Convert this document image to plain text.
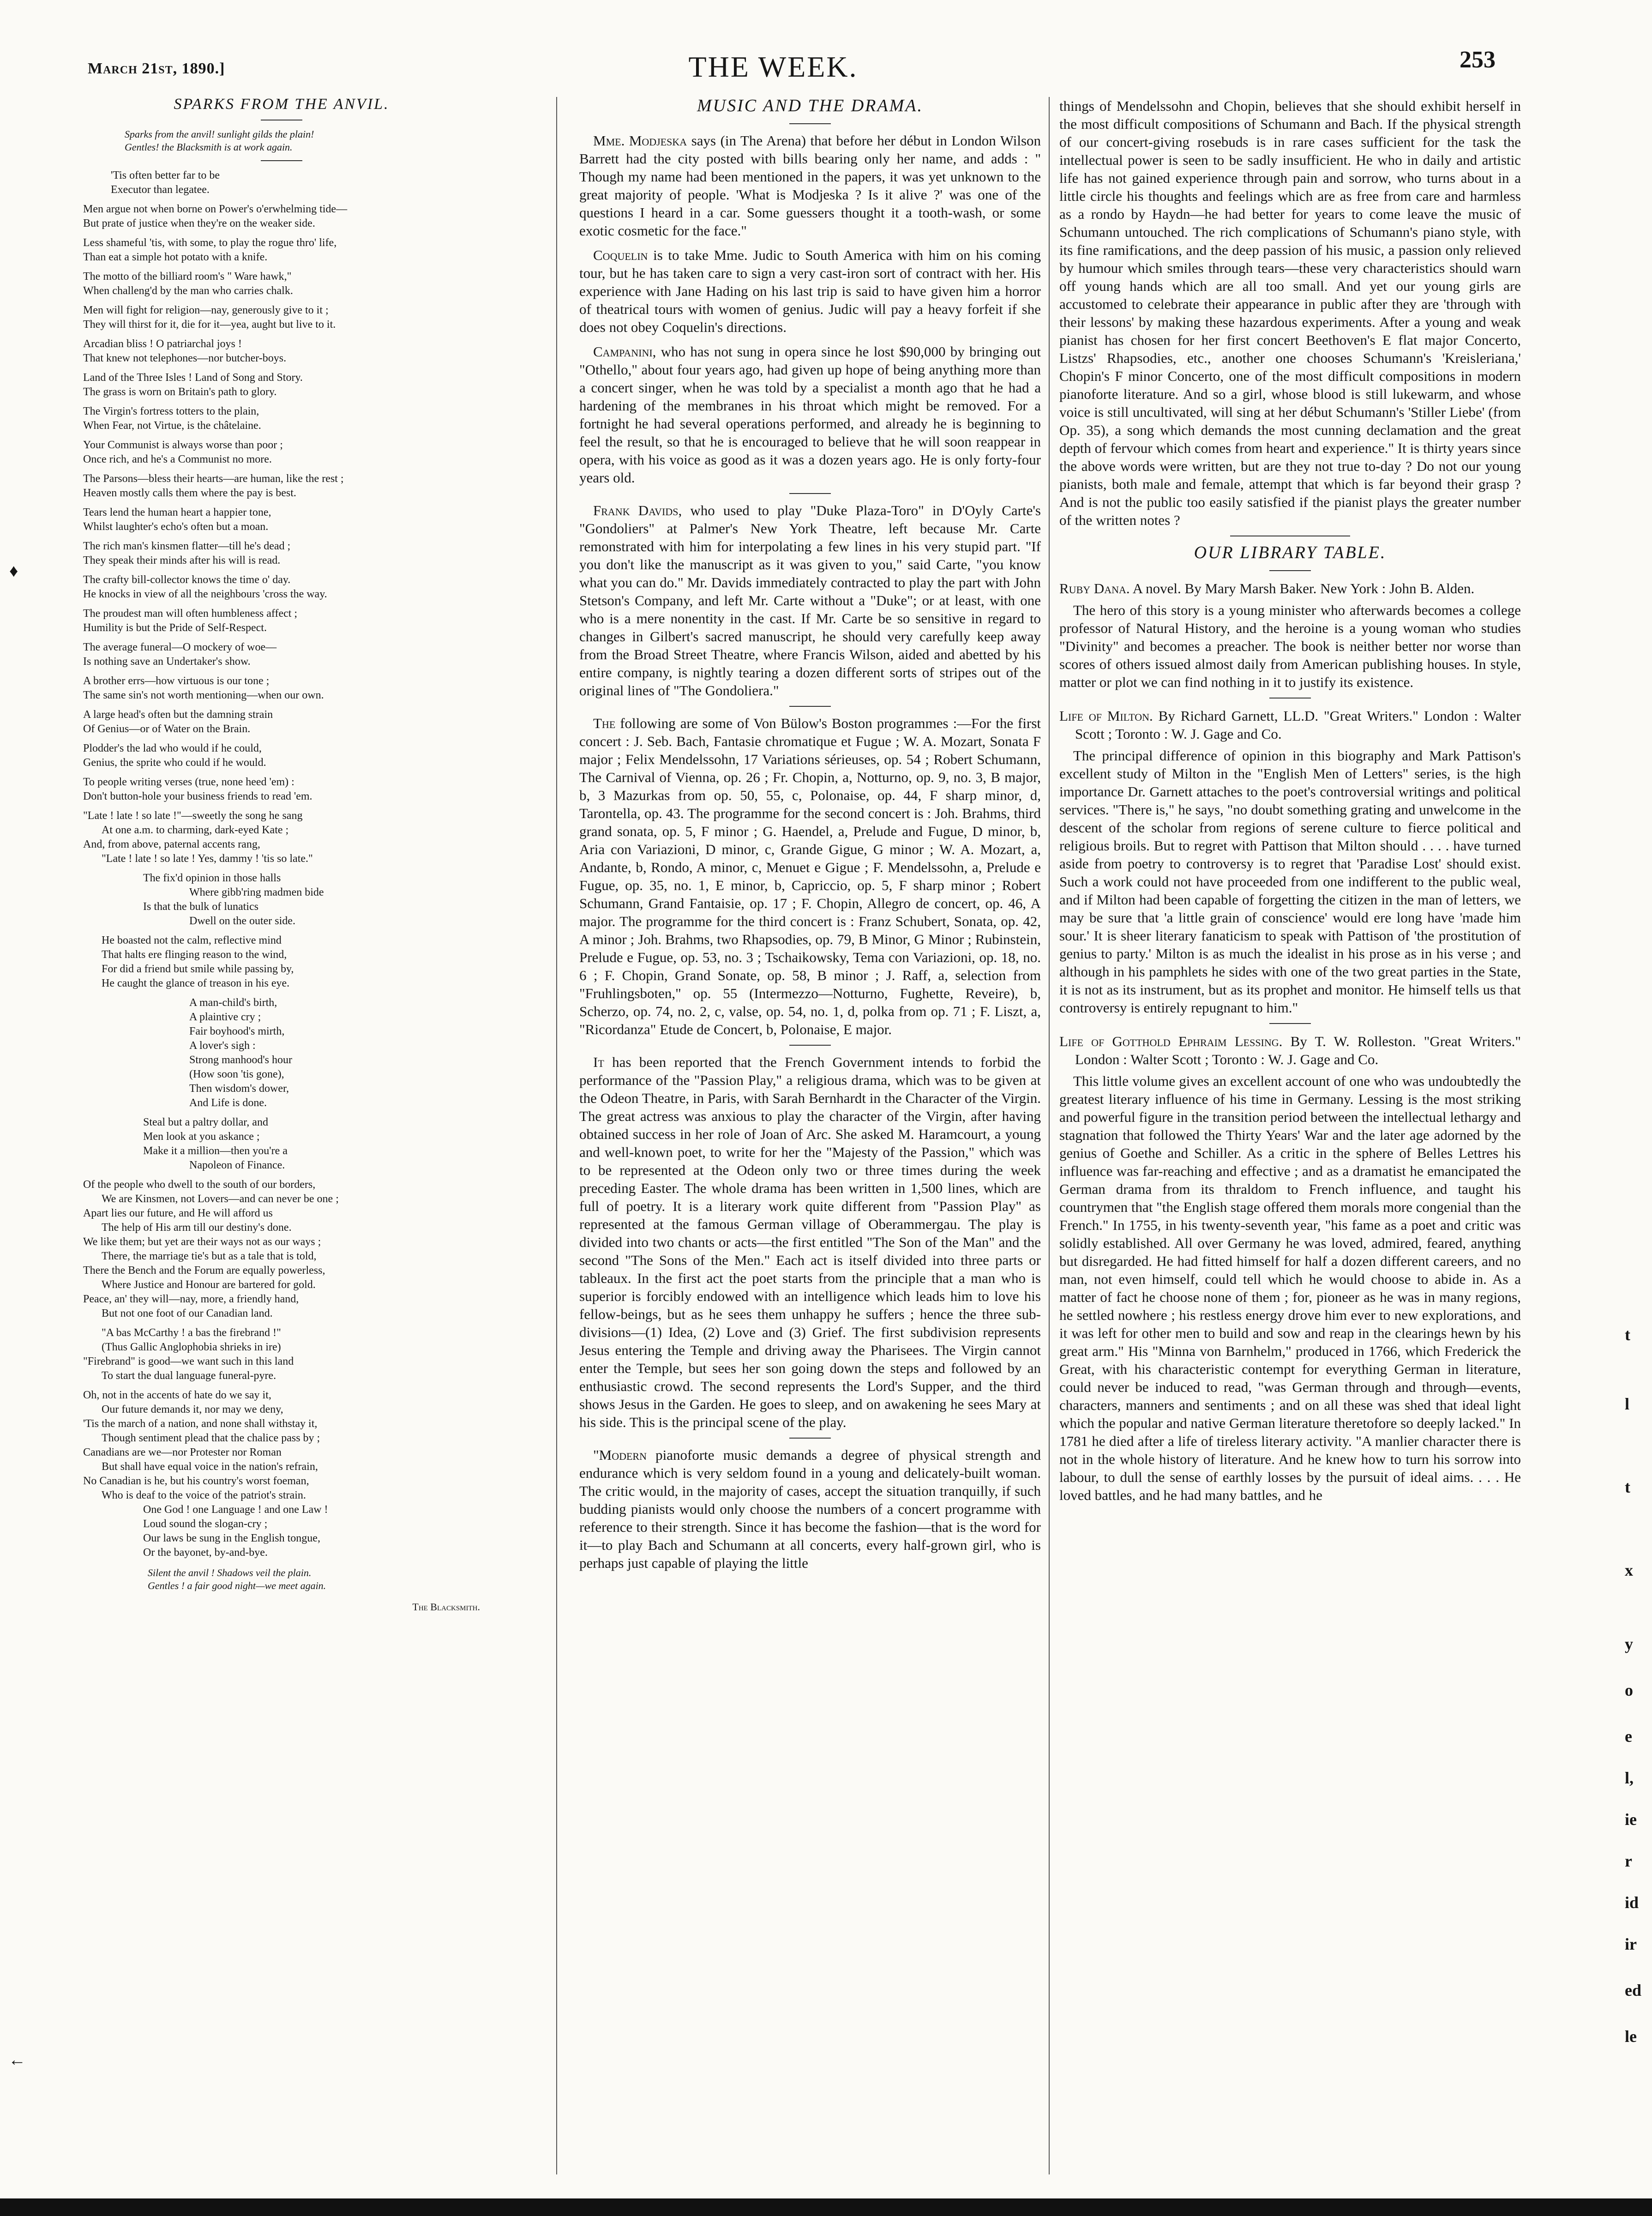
March 21st, 1890.]	THE WEEK.	253
♦
←
SPARKS FROM THE ANVIL.
Sparks from the anvil! sunlight gilds the plain!
Gentles! the Blacksmith is at work again.
'Tis often better far to be
Executor than legatee.
Men argue not when borne on Power's o'erwhelming tide—
But prate of justice when they're on the weaker side.
Less shameful 'tis, with some, to play the rogue thro' life,
Than eat a simple hot potato with a knife.
The motto of the billiard room's " Ware hawk,"
When challeng'd by the man who carries chalk.
Men will fight for religion—nay, generously give to it ;
They will thirst for it, die for it—yea, aught but live to it.
Arcadian bliss ! O patriarchal joys !
That knew not telephones—nor butcher-boys.
Land of the Three Isles ! Land of Song and Story.
The grass is worn on Britain's path to glory.
The Virgin's fortress totters to the plain,
When Fear, not Virtue, is the châtelaine.
Your Communist is always worse than poor ;
Once rich, and he's a Communist no more.
The Parsons—bless their hearts—are human, like the rest ;
Heaven mostly calls them where the pay is best.
Tears lend the human heart a happier tone,
Whilst laughter's echo's often but a moan.
The rich man's kinsmen flatter—till he's dead ;
They speak their minds after his will is read.
The crafty bill-collector knows the time o' day.
He knocks in view of all the neighbours 'cross the way.
The proudest man will often humbleness affect ;
Humility is but the Pride of Self-Respect.
The average funeral—O mockery of woe—
Is nothing save an Undertaker's show.
A brother errs—how virtuous is our tone ;
The same sin's not worth mentioning—when our own.
A large head's often but the damning strain
Of Genius—or of Water on the Brain.
Plodder's the lad who would if he could,
Genius, the sprite who could if he would.
To people writing verses (true, none heed 'em) :
Don't button-hole your business friends to read 'em.
"Late ! late ! so late !"—sweetly the song he sang
At one a.m. to charming, dark-eyed Kate ;
And, from above, paternal accents rang,
"Late ! late ! so late ! Yes, dammy ! 'tis so late."
The fix'd opinion in those halls
Where gibb'ring madmen bide
Is that the bulk of lunatics
Dwell on the outer side.
He boasted not the calm, reflective mind
That halts ere flinging reason to the wind,
For did a friend but smile while passing by,
He caught the glance of treason in his eye.
A man-child's birth,
A plaintive cry ;
Fair boyhood's mirth,
A lover's sigh :
Strong manhood's hour
(How soon 'tis gone),
Then wisdom's dower,
And Life is done.
Steal but a paltry dollar, and
Men look at you askance ;
Make it a million—then you're a
Napoleon of Finance.
Of the people who dwell to the south of our borders,
We are Kinsmen, not Lovers—and can never be one ;
Apart lies our future, and He will afford us
The help of His arm till our destiny's done.
We like them; but yet are their ways not as our ways ;
There, the marriage tie's but as a tale that is told,
There the Bench and the Forum are equally powerless,
Where Justice and Honour are bartered for gold.
Peace, an' they will—nay, more, a friendly hand,
But not one foot of our Canadian land.
"A bas McCarthy ! a bas the firebrand !"
(Thus Gallic Anglophobia shrieks in ire)
"Firebrand" is good—we want such in this land
To start the dual language funeral-pyre.
Oh, not in the accents of hate do we say it,
Our future demands it, nor may we deny,
'Tis the march of a nation, and none shall withstay it,
Though sentiment plead that the chalice pass by ;
Canadians are we—nor Protester nor Roman
But shall have equal voice in the nation's refrain,
No Canadian is he, but his country's worst foeman,
Who is deaf to the voice of the patriot's strain.
One God ! one Language ! and one Law !
Loud sound the slogan-cry ;
Our laws be sung in the English tongue,
Or the bayonet, by-and-bye.
Silent the anvil ! Shadows veil the plain.
Gentles ! a fair good night—we meet again.
The Blacksmith.
MUSIC AND THE DRAMA.

Mme. Modjeska says (in The Arena) that before her début in London Wilson Barrett had the city posted with bills bearing only her name, and adds : " Though my name had been mentioned in the papers, it was yet unknown to the great majority of people. 'What is Modjeska ? Is it alive ?' was one of the questions I heard in a car. Some guessers thought it a tooth-wash, or some exotic cosmetic for the face."

Coquelin is to take Mme. Judic to South America with him on his coming tour, but he has taken care to sign a very cast-iron sort of contract with her. His experience with Jane Hading on his last trip is said to have given him a horror of theatrical tours with women of genius. Judic will pay a heavy forfeit if she does not obey Coquelin's directions.

Campanini, who has not sung in opera since he lost $90,000 by bringing out "Othello," about four years ago, had given up hope of being anything more than a concert singer, when he was told by a specialist a month ago that he had a hardening of the membranes in his throat which might be removed. For a fortnight he had several operations performed, and already he is beginning to feel the result, so that he is encouraged to believe that he will soon reappear in opera, with his voice as good as it was a dozen years ago. He is only forty-four years old.

Frank Davids, who used to play "Duke Plaza-Toro" in D'Oyly Carte's "Gondoliers" at Palmer's New York Theatre, left because Mr. Carte remonstrated with him for interpolating a few lines in his very stupid part. "If you don't like the manuscript as it was given to you," said Carte, "you know what you can do." Mr. Davids immediately contracted to play the part with John Stetson's Company, and left Mr. Carte without a "Duke"; or at least, with one who is a mere nonentity in the cast. If Mr. Carte be so sensitive in regard to changes in Gilbert's sacred manuscript, he should very carefully keep away from the Broad Street Theatre, where Francis Wilson, aided and abetted by his entire company, is nightly tearing a dozen different sorts of stripes out of the original lines of "The Gondoliera."

The following are some of Von Bülow's Boston programmes :—For the first concert : J. Seb. Bach, Fantasie chromatique et Fugue ; W. A. Mozart, Sonata F major ; Felix Mendelssohn, 17 Variations sérieuses, op. 54 ; Robert Schumann, The Carnival of Vienna, op. 26 ; Fr. Chopin, a, Notturno, op. 9, no. 3, B major, b, 3 Mazurkas from op. 50, 55, c, Polonaise, op. 44, F sharp minor, d, Tarontella, op. 43. The programme for the second concert is : Joh. Brahms, third grand sonata, op. 5, F minor ; G. Haendel, a, Prelude and Fugue, D minor, b, Aria con Variazioni, D minor, c, Grande Gigue, G minor ; W. A. Mozart, a, Andante, b, Rondo, A minor, c, Menuet e Gigue ; F. Mendelssohn, a, Prelude e Fugue, op. 35, no. 1, E minor, b, Capriccio, op. 5, F sharp minor ; Robert Schumann, Grand Fantaisie, op. 17 ; F. Chopin, Allegro de concert, op. 46, A major. The programme for the third concert is : Franz Schubert, Sonata, op. 42, A minor ; Joh. Brahms, two Rhapsodies, op. 79, B Minor, G Minor ; Rubinstein, Prelude e Fugue, op. 53, no. 3 ; Tschaikowsky, Tema con Variazioni, op. 18, no. 6 ; F. Chopin, Grand Sonate, op. 58, B minor ; J. Raff, a, selection from "Fruhlingsboten," op. 55 (Intermezzo—Notturno, Fughette, Reveire), b, Scherzo, op. 74, no. 2, c, valse, op. 54, no. 1, d, polka from op. 71 ; F. Liszt, a, "Ricordanza" Etude de Concert, b, Polonaise, E major.

It has been reported that the French Government intends to forbid the performance of the "Passion Play," a religious drama, which was to be given at the Odeon Theatre, in Paris, with Sarah Bernhardt in the Character of the Virgin. The great actress was anxious to play the character of the Virgin, after having obtained success in her role of Joan of Arc. She asked M. Haramcourt, a young and well-known poet, to write for her the "Majesty of the Passion," which was to be represented at the Odeon only two or three times during the week preceding Easter. The whole drama has been written in 1,500 lines, which are full of poetry. It is a literary work quite different from "Passion Play" as represented at the famous German village of Oberammergau. The play is divided into two chants or acts—the first entitled "The Son of the Man" and the second "The Sons of the Men." Each act is itself divided into three parts or tableaux. In the first act the poet starts from the principle that a man who is superior is forcibly endowed with an intelligence which leads him to love his fellow-beings, but as he sees them unhappy he suffers ; hence the three sub-divisions—(1) Idea, (2) Love and (3) Grief. The first subdivision represents Jesus entering the Temple and driving away the Pharisees. The Virgin cannot enter the Temple, but sees her son going down the steps and followed by an enthusiastic crowd. The second represents the Lord's Supper, and the third shows Jesus in the Garden. He goes to sleep, and on awakening he sees Mary at his side. This is the principal scene of the play.

"Modern pianoforte music demands a degree of physical strength and endurance which is very seldom found in a young and delicately-built woman. The critic would, in the majority of cases, accept the situation tranquilly, if such budding pianists would only choose the numbers of a concert programme with reference to their strength. Since it has become the fashion—that is the word for it—to play Bach and Schumann at all concerts, every half-grown girl, who is perhaps just capable of playing the little

things of Mendelssohn and Chopin, believes that she should exhibit herself in the most difficult compositions of Schumann and Bach. If the physical strength of our concert-giving rosebuds is in rare cases sufficient for the task the intellectual power is seen to be sadly insufficient. He who in daily and artistic life has not gained experience through pain and sorrow, who turns about in a little circle his thoughts and feelings which are as free from care and harmless as a rondo by Haydn—he had better for years to come leave the music of Schumann untouched. The rich complications of Schumann's piano style, with its fine ramifications, and the deep passion of his music, a passion only relieved by humour which smiles through tears—these very characteristics should warn off young hands which are all too small. And yet our young girls are accustomed to celebrate their appearance in public after they are 'through with their lessons' by making these hazardous experiments. After a young and weak pianist has chosen for her first concert Beethoven's E flat major Concerto, Listzs' Rhapsodies, etc., another one chooses Schumann's 'Kreisleriana,' Chopin's F minor Concerto, one of the most difficult compositions in modern pianoforte literature. And so a girl, whose blood is still lukewarm, and whose voice is still uncultivated, will sing at her début Schumann's 'Stiller Liebe' (from Op. 35), a song which demands the most cunning declamation and the great depth of fervour which comes from heart and experience." It is thirty years since the above words were written, but are they not true to-day ? Do not our young pianists, both male and female, attempt that which is far beyond their grasp ? And is not the public too easily satisfied if the pianist plays the greater number of the written notes ?

OUR LIBRARY TABLE.
Ruby Dana. A novel. By Mary Marsh Baker. New York : John B. Alden.

The hero of this story is a young minister who afterwards becomes a college professor of Natural History, and the heroine is a young woman who studies "Divinity" and becomes a preacher. The book is neither better nor worse than scores of others issued almost daily from American publishing houses. In style, matter or plot we can find nothing in it to justify its existence.

Life of Milton. By Richard Garnett, LL.D. "Great Writers." London : Walter Scott ; Toronto : W. J. Gage and Co.

The principal difference of opinion in this biography and Mark Pattison's excellent study of Milton in the "English Men of Letters" series, is the high importance Dr. Garnett attaches to the poet's controversial writings and political services. "There is," he says, "no doubt something grating and unwelcome in the descent of the scholar from regions of serene culture to fierce political and religious broils. But to regret with Pattison that Milton should . . . . have turned aside from poetry to controversy is to regret that 'Paradise Lost' should exist. Such a work could not have proceeded from one indifferent to the public weal, and if Milton had been capable of forgetting the citizen in the man of letters, we may be sure that 'a little grain of conscience' would ere long have 'made him sour.' It is sheer literary fanaticism to speak with Pattison of 'the prostitution of genius to party.' Milton is as much the idealist in his prose as in his verse ; and although in his pamphlets he sides with one of the two great parties in the State, it is not as its instrument, but as its prophet and monitor. He himself tells us that controversy is entirely repugnant to him."

Life of Gotthold Ephraim Lessing. By T. W. Rolleston. "Great Writers." London : Walter Scott ; Toronto : W. J. Gage and Co.

This little volume gives an excellent account of one who was undoubtedly the greatest literary influence of his time in Germany. Lessing is the most striking and powerful figure in the transition period between the intellectual lethargy and stagnation that followed the Thirty Years' War and the later age adorned by the genius of Goethe and Schiller. As a critic in the sphere of Belles Lettres his influence was far-reaching and effective ; and as a dramatist he emancipated the German drama from its thraldom to French influence, and taught his countrymen that "the English stage offered them morals more congenial than the French." In 1755, in his twenty-seventh year, "his fame as a poet and critic was solidly established. All over Germany he was loved, admired, feared, anything but disregarded. He had fitted himself for half a dozen different careers, and no man, not even himself, could tell which he would choose to abide in. As a matter of fact he choose none of them ; for, pioneer as he was in many regions, he settled nowhere ; his restless energy drove him ever to new explorations, and it was left for other men to build and sow and reap in the clearings hewn by his great arm." His "Minna von Barnhelm," produced in 1766, which Frederick the Great, with his characteristic contempt for everything German in literature, could never be induced to read, "was German through and through—events, characters, manners and sentiments ; and on all these was shed that ideal light which the popular and native German literature theretofore so deeply lacked." In 1781 he died after a life of tireless literary activity. "A manlier character there is not in the whole history of literature. And he knew how to turn his sorrow into labour, to dull the sense of earthly losses by the pursuit of ideal aims. . . . He loved battles, and he had many battles, and he

t
l
t
x
y
o
e
l,
ie
r
id
ir
ed
le
